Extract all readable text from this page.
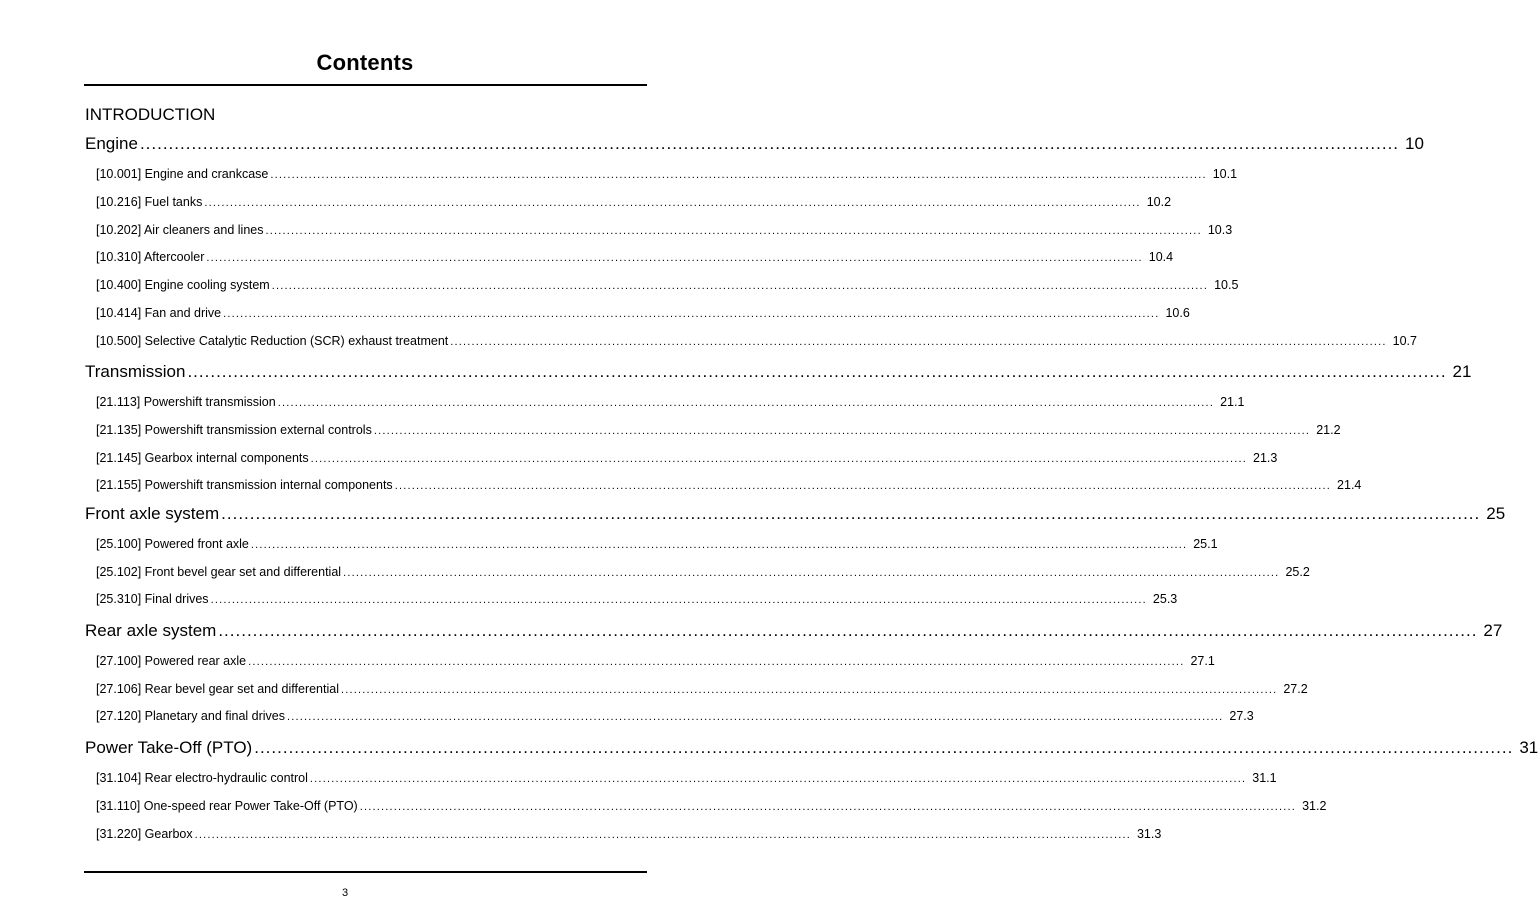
Contents
INTRODUCTION
Engine ............................................................................................................................................................................................................................ 10
[10.001] Engine and crankcase ............................................................................................................................................................................................................................ 10.1
[10.216] Fuel tanks ............................................................................................................................................................................................................................ 10.2
[10.202] Air cleaners and lines ............................................................................................................................................................................................................................ 10.3
[10.310] Aftercooler ............................................................................................................................................................................................................................ 10.4
[10.400] Engine cooling system ............................................................................................................................................................................................................................ 10.5
[10.414] Fan and drive ............................................................................................................................................................................................................................ 10.6
[10.500] Selective Catalytic Reduction (SCR) exhaust treatment ............................................................................................................................................................................................................................ 10.7
Transmission ............................................................................................................................................................................................................................ 21
[21.113] Powershift transmission ............................................................................................................................................................................................................................ 21.1
[21.135] Powershift transmission external controls ............................................................................................................................................................................................................................ 21.2
[21.145] Gearbox internal components ............................................................................................................................................................................................................................ 21.3
[21.155] Powershift transmission internal components ............................................................................................................................................................................................................................ 21.4
Front axle system ............................................................................................................................................................................................................................ 25
[25.100] Powered front axle ............................................................................................................................................................................................................................ 25.1
[25.102] Front bevel gear set and differential ............................................................................................................................................................................................................................ 25.2
[25.310] Final drives ............................................................................................................................................................................................................................ 25.3
Rear axle system ............................................................................................................................................................................................................................ 27
[27.100] Powered rear axle ............................................................................................................................................................................................................................ 27.1
[27.106] Rear bevel gear set and differential ............................................................................................................................................................................................................................ 27.2
[27.120] Planetary and final drives ............................................................................................................................................................................................................................ 27.3
Power Take-Off (PTO) ............................................................................................................................................................................................................................ 31
[31.104] Rear electro-hydraulic control ............................................................................................................................................................................................................................ 31.1
[31.110] One-speed rear Power Take-Off (PTO) ............................................................................................................................................................................................................................ 31.2
[31.220] Gearbox ............................................................................................................................................................................................................................ 31.3
3
